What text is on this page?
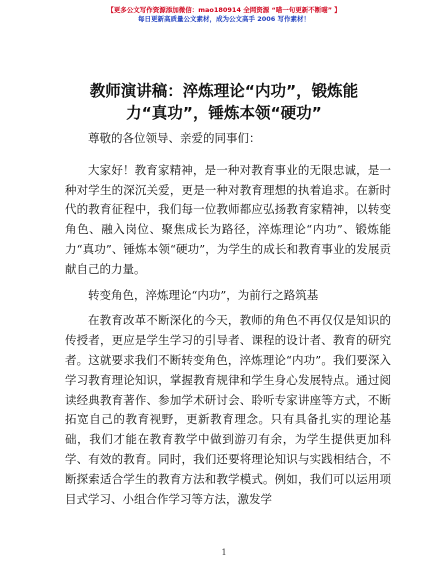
【更多公文写作资源添加微信：mao180914 全网资源 “喵一句更新不断喵” 】
每日更新高质量公文素材，成为公文高手 2006 写作素材！
教师演讲稿：淬炼理论“内功”，锻炼能
力“真功”，锤炼本领“硬功”

尊敬的各位领导、亲爱的同事们：

大家好！教育家精神，是一种对教育事业的无限忠诚，是一种对学生的深沉关爱，更是一种对教育理想的执着追求。在新时代的教育征程中，我们每一位教师都应弘扬教育家精神，以转变角色、融入岗位、聚焦成长为路径，淬炼理论“内功”、锻炼能力“真功”、锤炼本领“硬功”，为学生的成长和教育事业的发展贡献自己的力量。

转变角色，淬炼理论“内功”，为前行之路筑基

在教育改革不断深化的今天，教师的角色不再仅仅是知识的传授者，更应是学生学习的引导者、课程的设计者、教育的研究者。这就要求我们不断转变角色，淬炼理论“内功”。我们要深入学习教育理论知识，掌握教育规律和学生身心发展特点。通过阅读经典教育著作、参加学术研讨会、聆听专家讲座等方式，不断拓宽自己的教育视野，更新教育理念。只有具备扎实的理论基础，我们才能在教育教学中做到游刃有余，为学生提供更加科学、有效的教育。同时，我们还要将理论知识与实践相结合，不断探索适合学生的教育方法和教学模式。例如，我们可以运用项目式学习、小组合作学习等方法，激发学

1
